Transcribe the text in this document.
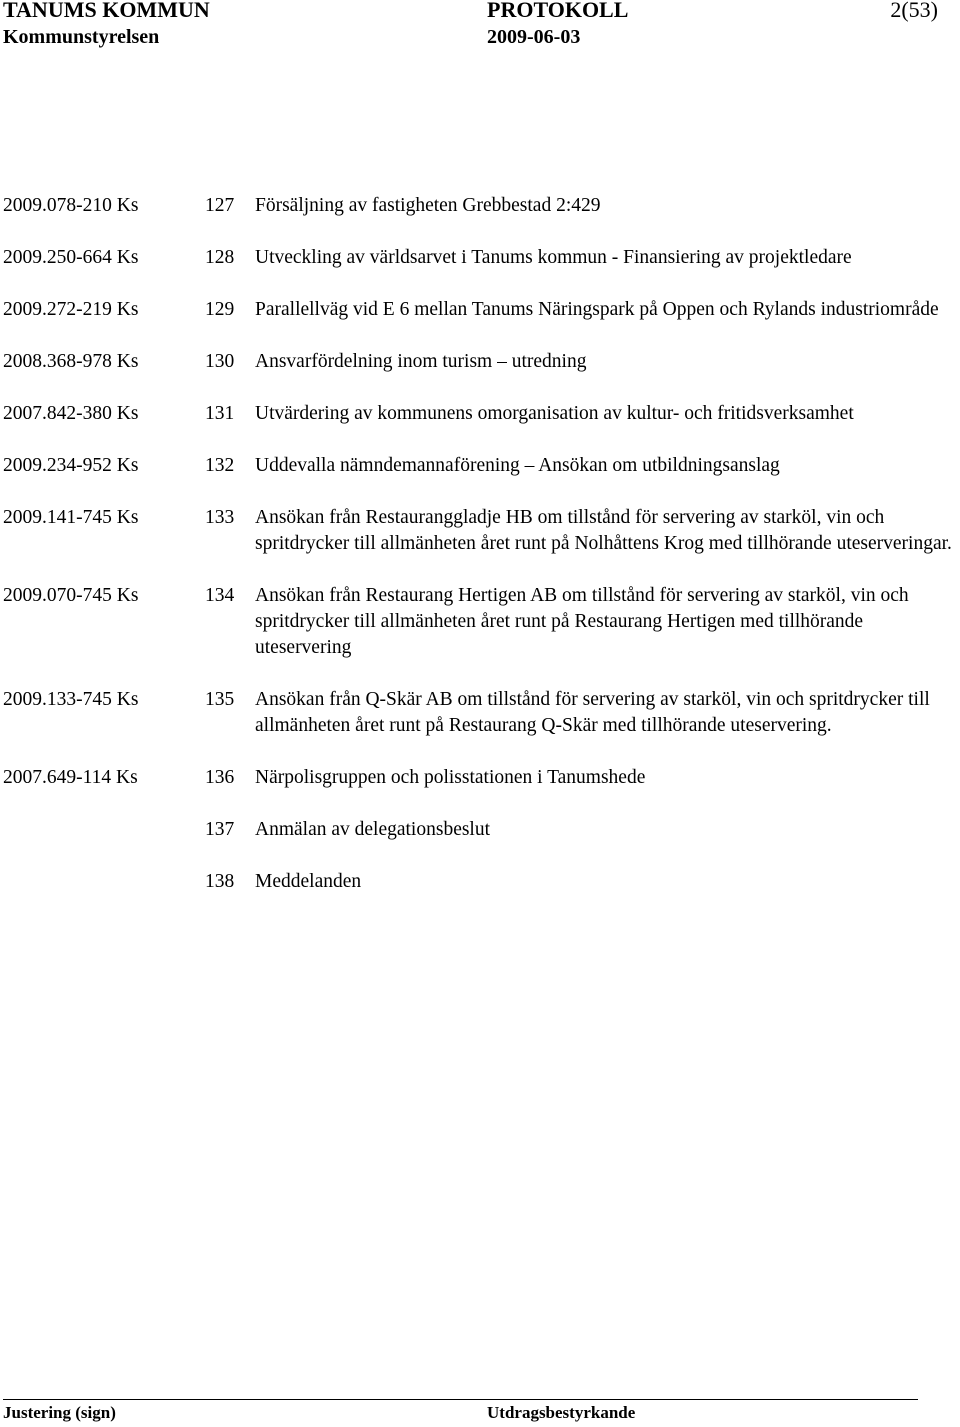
TANUMS KOMMUN
Kommunstyrelsen
PROTOKOLL
2009-06-03
2(53)
2009.078-210 Ks	127 Försäljning av fastigheten Grebbestad 2:429
2009.250-664 Ks	128 Utveckling av världsarvet i Tanums kommun - Finansiering av projektledare
2009.272-219 Ks	129 Parallellväg vid E 6 mellan Tanums Näringspark på Oppen och Rylands industriområde
2008.368-978 Ks	130 Ansvarfördelning inom turism – utredning
2007.842-380 Ks	131 Utvärdering av kommunens omorganisation av kultur- och fritidsverksamhet
2009.234-952 Ks	132 Uddevalla nämndemannaförening – Ansökan om utbildningsanslag
2009.141-745 Ks	133 Ansökan från Restauranggladje HB om tillstånd för servering av starköl, vin och spritdrycker till allmänheten året runt på Nolhåttens Krog med tillhörande uteserveringar.
2009.070-745 Ks	134 Ansökan från Restaurang Hertigen AB om tillstånd för servering av starköl, vin och spritdrycker till allmänheten året runt på Restaurang Hertigen med tillhörande uteservering
2009.133-745 Ks	135 Ansökan från Q-Skär AB om tillstånd för servering av starköl, vin och spritdrycker till allmänheten året runt på Restaurang Q-Skär med tillhörande uteservering.
2007.649-114 Ks	136 Närpolisgruppen och polisstationen i Tanumshede
137 Anmälan av delegationsbeslut
138 Meddelanden
Justering (sign)	Utdragsbestyrkande
